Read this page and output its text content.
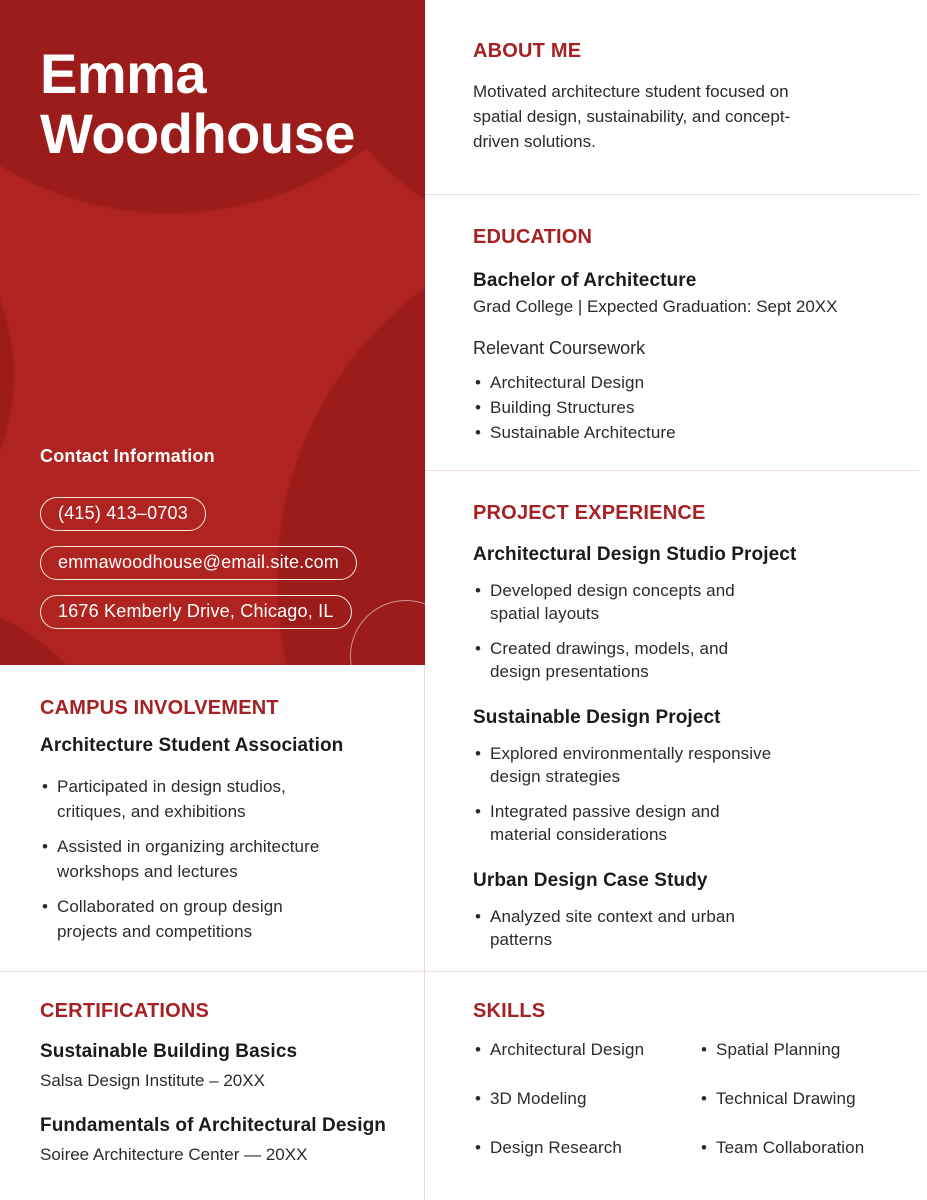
Emma
Woodhouse
Contact Information
(415) 413–0703
emmawoodhouse@email.site.com
1676 Kemberly Drive, Chicago, IL
ABOUT ME

Motivated architecture student focused on spatial design, sustainability, and concept-driven solutions.

EDUCATION
Bachelor of Architecture

Grad College | Expected Graduation: Sept 20XX

Relevant Coursework

• Architectural Design
• Building Structures
• Sustainable Architecture
PROJECT EXPERIENCE
Architectural Design Studio Project
• Developed design concepts and spatial layouts
• Created drawings, models, and design presentations
Sustainable Design Project
• Explored environmentally responsive design strategies
• Integrated passive design and material considerations
Urban Design Case Study
• Analyzed site context and urban patterns
CAMPUS INVOLVEMENT
Architecture Student Association
• Participated in design studios, critiques, and exhibitions
• Assisted in organizing architecture workshops and lectures
• Collaborated on group design projects and competitions
CERTIFICATIONS
Sustainable Building Basics

Salsa Design Institute – 20XX

Fundamentals of Architectural Design

Soiree Architecture Center — 20XX

SKILLS
• Architectural Design
• 3D Modeling
• Design Research
• Spatial Planning
• Technical Drawing
• Team Collaboration
